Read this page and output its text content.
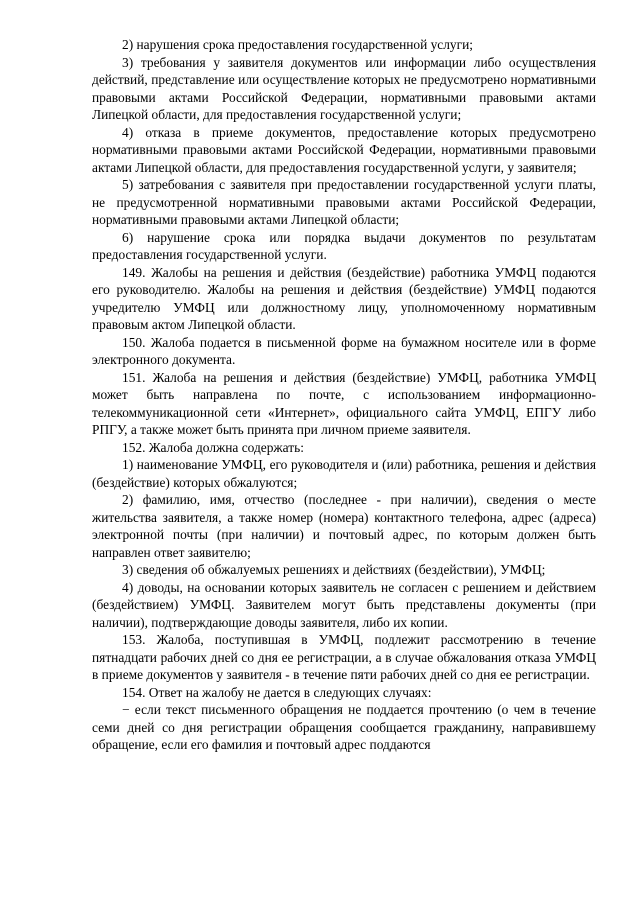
2) нарушения срока предоставления государственной услуги;

3) требования у заявителя документов или информации либо осуществления действий, представление или осуществление которых не предусмотрено нормативными правовыми актами Российской Федерации, нормативными правовыми актами Липецкой области, для предоставления государственной услуги;

4) отказа в приеме документов, предоставление которых предусмотрено нормативными правовыми актами Российской Федерации, нормативными правовыми актами Липецкой области, для предоставления государственной услуги, у заявителя;

5) затребования с заявителя при предоставлении государственной услуги платы, не предусмотренной нормативными правовыми актами Российской Федерации, нормативными правовыми актами Липецкой области;

6) нарушение срока или порядка выдачи документов по результатам предоставления государственной услуги.

149. Жалобы на решения и действия (бездействие) работника УМФЦ подаются его руководителю. Жалобы на решения и действия (бездействие) УМФЦ подаются учредителю УМФЦ или должностному лицу, уполномоченному нормативным правовым актом Липецкой области.

150. Жалоба подается в письменной форме на бумажном носителе или в форме электронного документа.

151. Жалоба на решения и действия (бездействие) УМФЦ, работника УМФЦ может быть направлена по почте, с использованием информационно-телекоммуникационной сети «Интернет», официального сайта УМФЦ, ЕПГУ либо РПГУ, а также может быть принята при личном приеме заявителя.

152. Жалоба должна содержать:

1) наименование УМФЦ, его руководителя и (или) работника, решения и действия (бездействие) которых обжалуются;

2) фамилию, имя, отчество (последнее - при наличии), сведения о месте жительства заявителя, а также номер (номера) контактного телефона, адрес (адреса) электронной почты (при наличии) и почтовый адрес, по которым должен быть направлен ответ заявителю;

3) сведения об обжалуемых решениях и действиях (бездействии), УМФЦ;

4) доводы, на основании которых заявитель не согласен с решением и действием (бездействием) УМФЦ. Заявителем могут быть представлены документы (при наличии), подтверждающие доводы заявителя, либо их копии.

153. Жалоба, поступившая в УМФЦ, подлежит рассмотрению в течение пятнадцати рабочих дней со дня ее регистрации, а в случае обжалования отказа УМФЦ в приеме документов у заявителя - в течение пяти рабочих дней со дня ее регистрации.

154. Ответ на жалобу не дается в следующих случаях:

− если текст письменного обращения не поддается прочтению (о чем в течение семи дней со дня регистрации обращения сообщается гражданину, направившему обращение, если его фамилия и почтовый адрес поддаются
